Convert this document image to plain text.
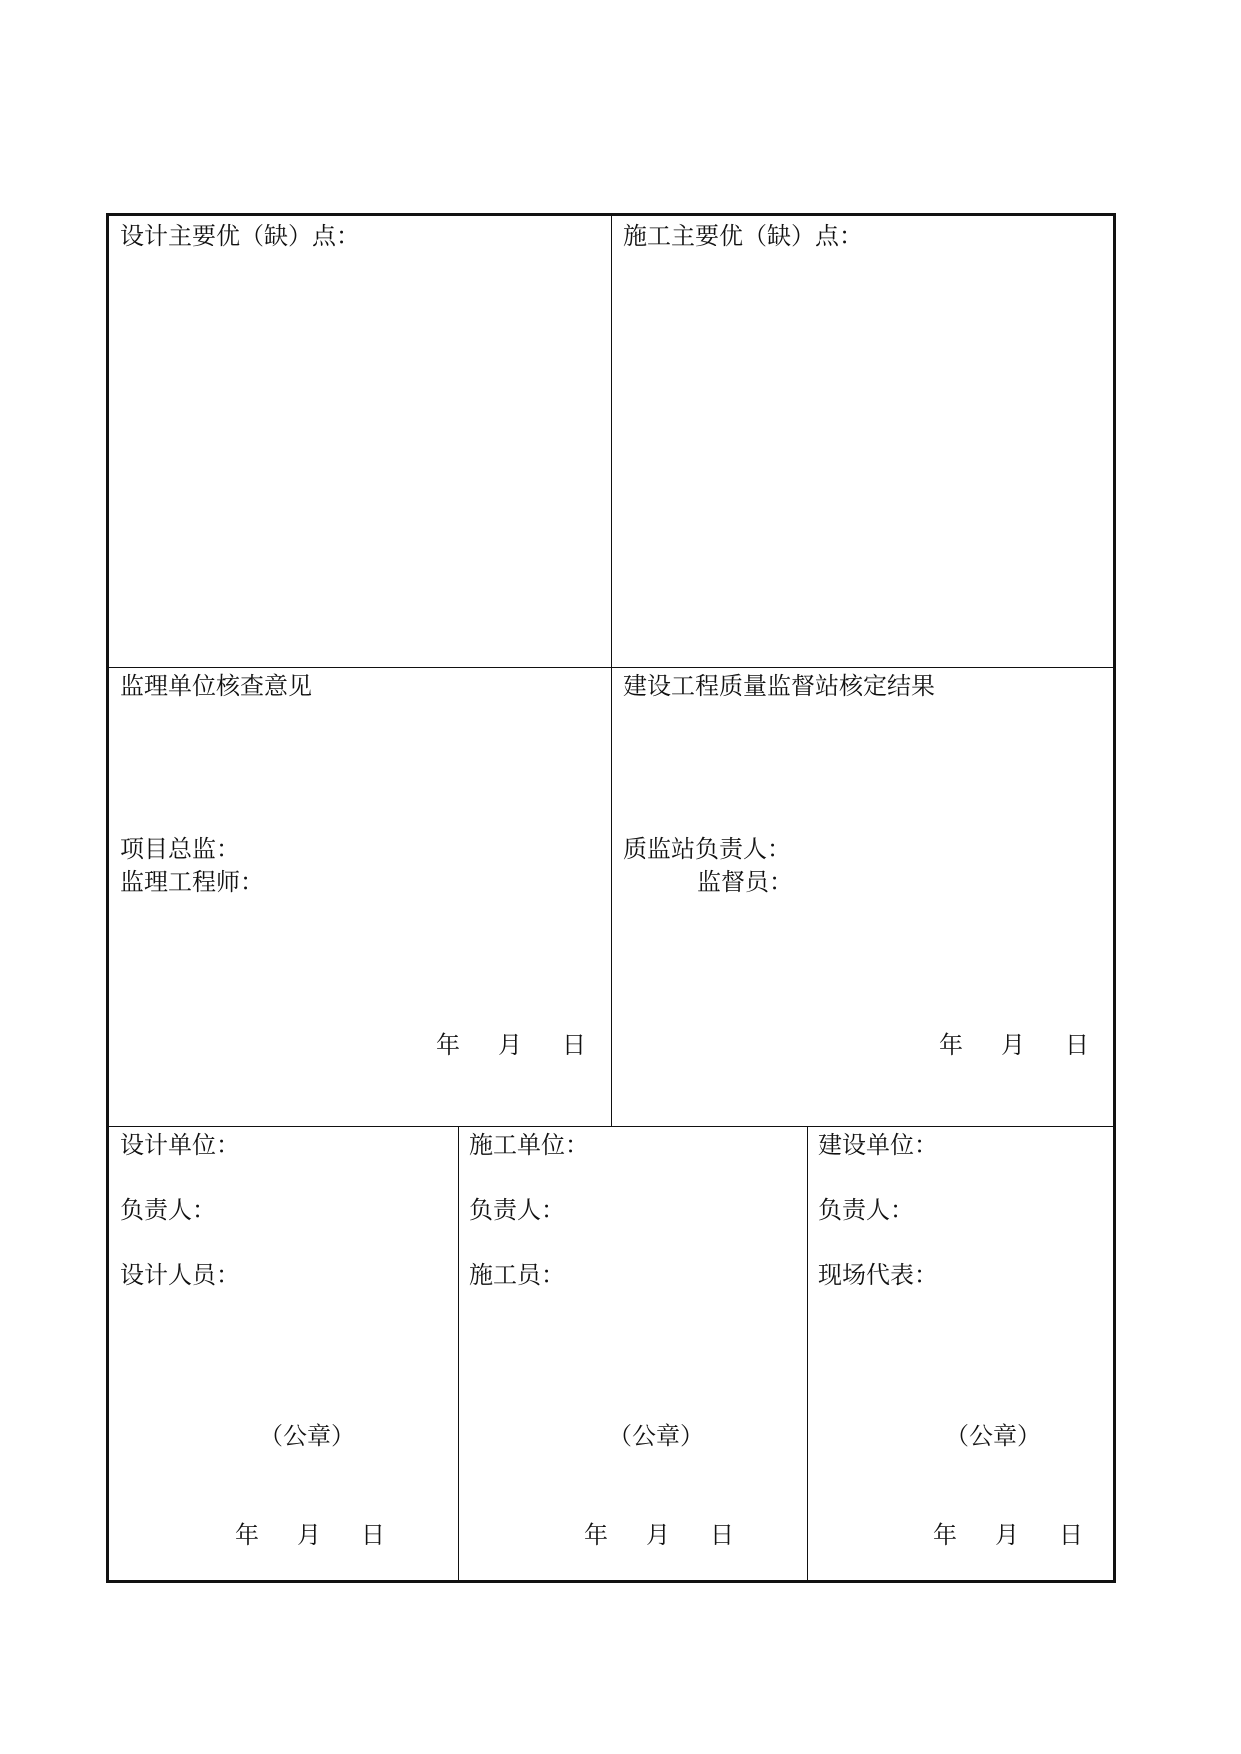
设计主要优（缺）点：	施工主要优（缺）点：
监理单位核查意见
项目总监：
监理工程师：
年 月 日
建设工程质量监督站核定结果
质监站负责人：
监督员：
年 月 日
设计单位：
负责人：
设计人员：
（公章）
年 月 日
施工单位：
负责人：
施工员：
（公章）
年 月 日
建设单位：
负责人：
现场代表：
（公章）
年 月 日
